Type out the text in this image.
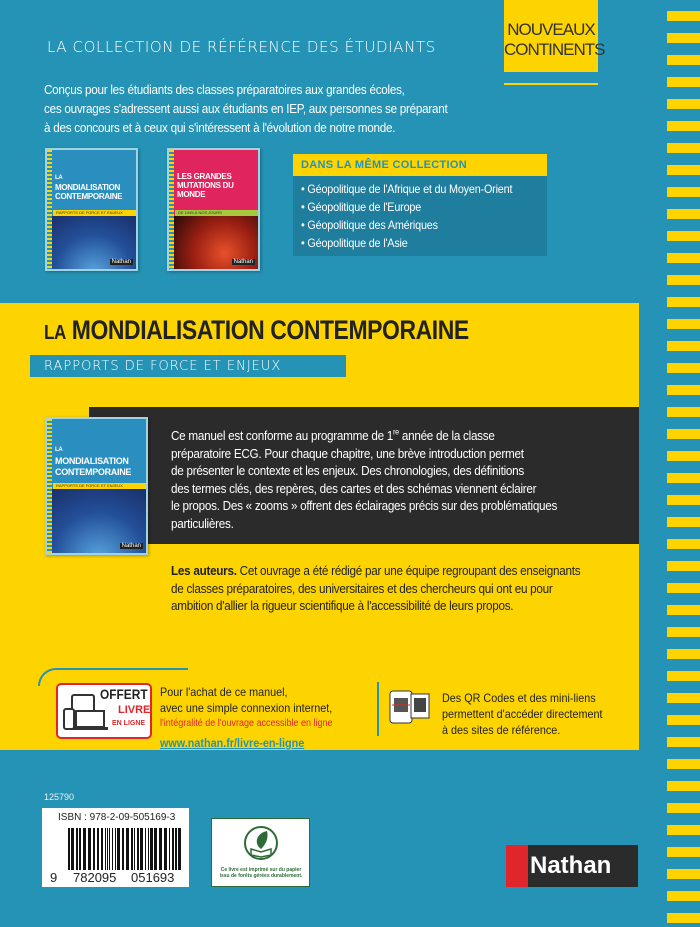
LA COLLECTION DE RÉFÉRENCE DES ÉTUDIANTS
NOUVEAUX
CONTINENTS
Conçus pour les étudiants des classes préparatoires aux grandes écoles,
ces ouvrages s'adressent aussi aux étudiants en IEP, aux personnes se préparant
à des concours et à ceux qui s'intéressent à l'évolution de notre monde.
LA
MONDIALISATION
CONTEMPORAINE
RAPPORTS DE FORCE ET ENJEUX
Nathan
LES GRANDES
MUTATIONS DU MONDE
DE 1945 À NOS JOURS
Nathan
DANS LA MÊME COLLECTION
• Géopolitique de l'Afrique et du Moyen-Orient
• Géopolitique de l'Europe
• Géopolitique des Amériques
• Géopolitique de l'Asie
LA MONDIALISATION CONTEMPORAINE
RAPPORTS DE FORCE ET ENJEUX
LA
MONDIALISATION
CONTEMPORAINE
RAPPORTS DE FORCE ET ENJEUX
Nathan
Ce manuel est conforme au programme de 1re année de la classe
préparatoire ECG. Pour chaque chapitre, une brève introduction permet
de présenter le contexte et les enjeux. Des chronologies, des définitions
des termes clés, des repères, des cartes et des schémas viennent éclairer
le propos. Des « zooms » offrent des éclairages précis sur des problématiques
particulières.
Les auteurs. Cet ouvrage a été rédigé par une équipe regroupant des enseignants
de classes préparatoires, des universitaires et des chercheurs qui ont eu pour
ambition d'allier la rigueur scientifique à l'accessibilité de leurs propos.
OFFERT
LIVRE
EN LIGNE
Pour l'achat de ce manuel,
avec une simple connexion internet,
l'intégralité de l'ouvrage accessible en ligne
www.nathan.fr/livre-en-ligne
Des QR Codes et des mini-liens
permettent d'accéder directement
à des sites de référence.
125790
ISBN : 978-2-09-505169-3
9 782095 051693	Ce livre est imprimé sur du papier issu de forêts gérées durablement.	Nathan
